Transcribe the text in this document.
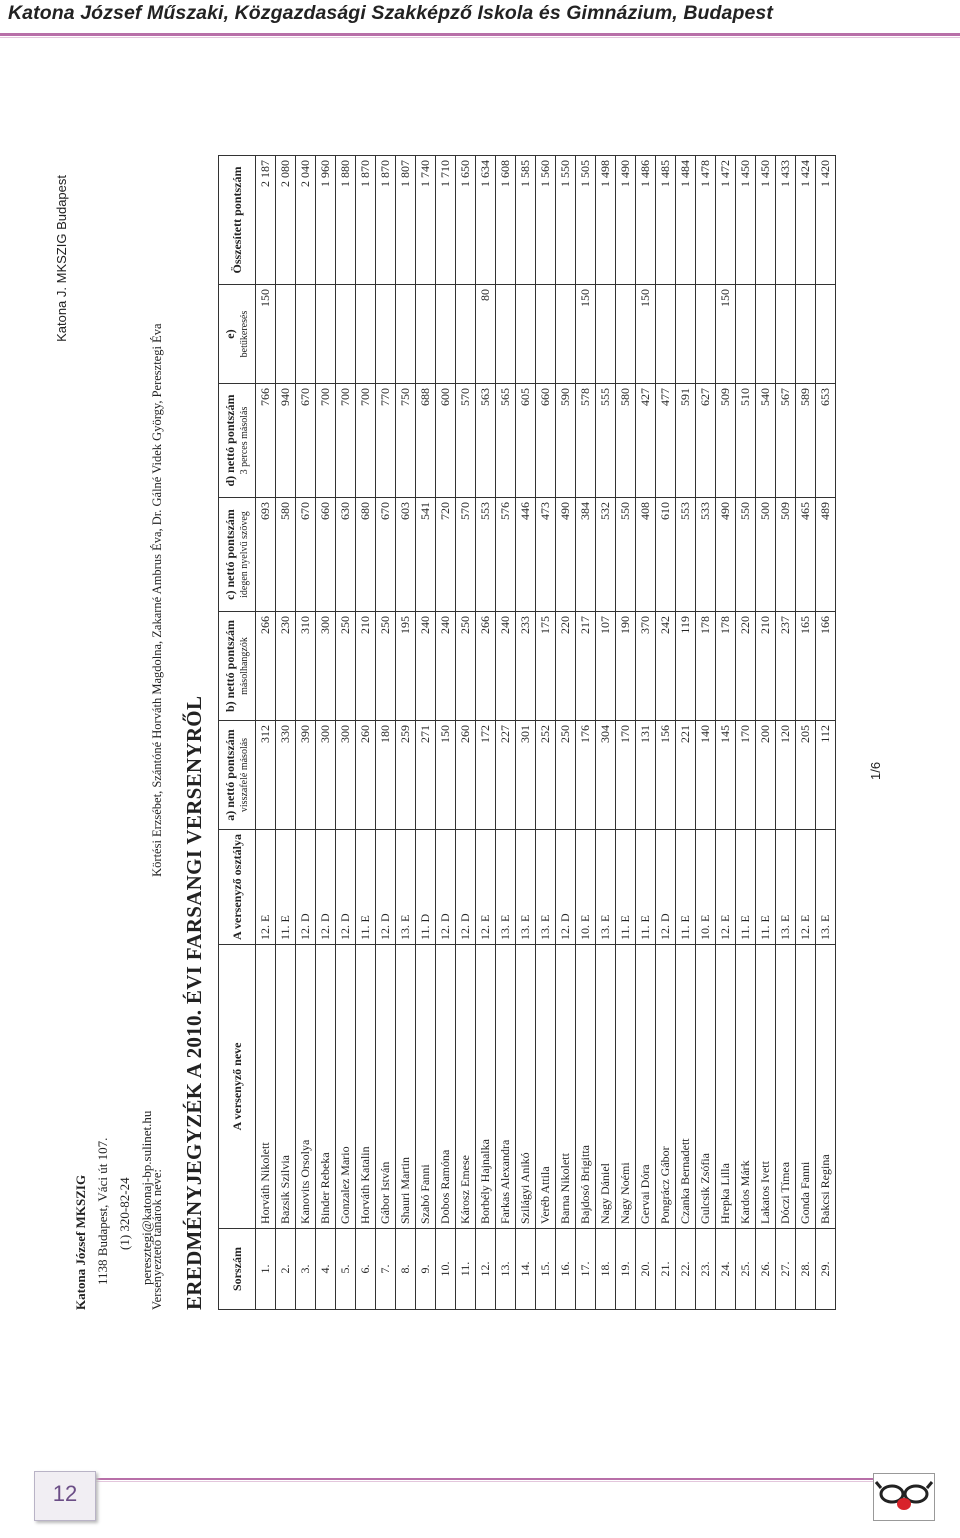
Katona József Műszaki, Közgazdasági Szakképző Iskola és Gimnázium, Budapest
Katona J. MKSZIG Budapest
Katona József MKSZIG 1138 Budapest, Váci út 107. (1) 320-82-24 peresztegi@katonaj-bp.sulinet.hu
Versenyeztető tanárok neve: Körtési Erzsébet, Szántóné Horváth Magdolna, Zakarné Ambrus Éva, Dr. Gálné Videk György, Peresztegi Éva
EREDMÉNYJEGYZÉK A 2010. ÉVI FARSANGI VERSENYRŐL Sorszám	A versenyző neve	A versenyző osztálya	a) nettó pontszám visszafelé másolás	b) nettó pontszám másolhangzók	c) nettó pontszám idegen nyelvű szöveg	d) nettó pontszám 3 perces másolás	e) betűkeresés	Összesített pontszám
1.	Horváth Nikolett	12. E	312	266	693	766	150	2 187
2.	Bazsik Szilvia	11. E	330	230	580	940		2 080
3.	Kanovits Orsolya	12. D	390	310	670	670		2 040
4.	Binder Rebeka	12. D	300	300	660	700		1 960
5.	Gonzalez Mario	12. D	300	250	630	700		1 880
6.	Horváth Katalin	11. E	260	210	680	700		1 870
7.	Gábor István	12. D	180	250	670	770		1 870
8.	Shauri Martin	13. E	259	195	603	750		1 807
9.	Szabó Fanni	11. D	271	240	541	688		1 740
10.	Dobos Ramóna	12. D	150	240	720	600		1 710
11.	Károsz Emese	12. D	260	250	570	570		1 650
12.	Borbély Hajnalka	12. E	172	266	553	563	80	1 634
13.	Farkas Alexandra	13. E	227	240	576	565		1 608
14.	Szilágyi Anikó	13. E	301	233	446	605		1 585
15.	Veréb Attila	13. E	252	175	473	660		1 560
16.	Barna Nikolett	12. D	250	220	490	590		1 550
17.	Bajdosó Brigitta	10. E	176	217	384	578	150	1 505
18.	Nagy Dániel	13. E	304	107	532	555		1 498
19.	Nagy Noémi	11. E	170	190	550	580		1 490
20.	Gervai Dóra	11. E	131	370	408	427	150	1 486
21.	Pongrácz Gábor	12. D	156	242	610	477		1 485
22.	Czanka Bernadett	11. E	221	119	553	591		1 484
23.	Gulcsik Zsófia	10. E	140	178	533	627		1 478
24.	Hrepka Lilla	12. E	145	178	490	509	150	1 472
25.	Kardos Márk	11. E	170	220	550	510		1 450
26.	Lakatos Ivett	11. E	200	210	500	540		1 450
27.	Dóczi Tímea	13. E	120	237	509	567		1 433
28.	Gonda Fanni	12. E	205	165	465	589		1 424
29.	Bakcsi Regina	13. E	112	166	489	653		1 420
1/6
12
